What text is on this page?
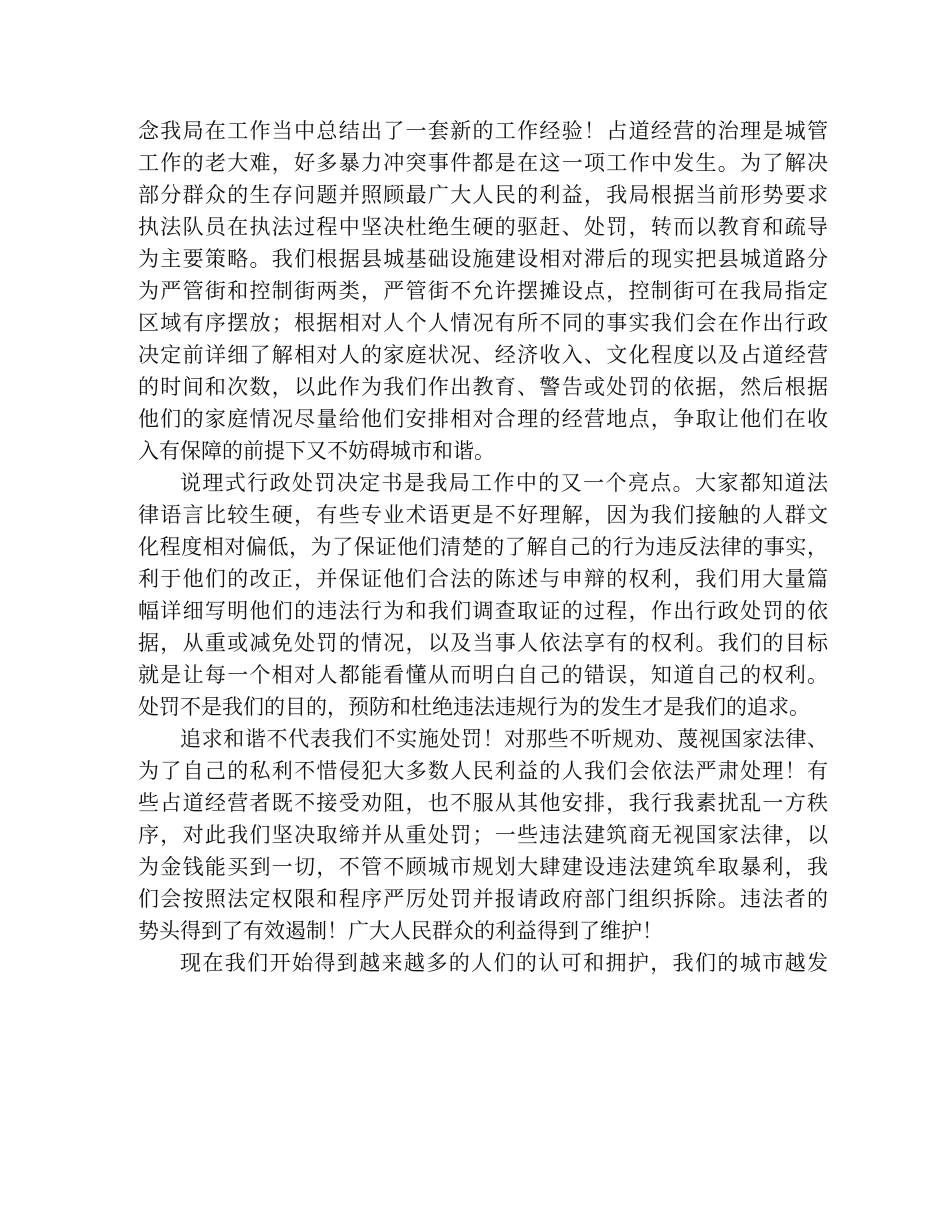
念我局在工作当中总结出了一套新的工作经验！占道经营的治理是城管
工作的老大难，好多暴力冲突事件都是在这一项工作中发生。为了解决
部分群众的生存问题并照顾最广大人民的利益，我局根据当前形势要求
执法队员在执法过程中坚决杜绝生硬的驱赶、处罚，转而以教育和疏导
为主要策略。我们根据县城基础设施建设相对滞后的现实把县城道路分
为严管街和控制街两类，严管街不允许摆摊设点，控制街可在我局指定
区域有序摆放；根据相对人个人情况有所不同的事实我们会在作出行政
决定前详细了解相对人的家庭状况、经济收入、文化程度以及占道经营
的时间和次数，以此作为我们作出教育、警告或处罚的依据，然后根据
他们的家庭情况尽量给他们安排相对合理的经营地点，争取让他们在收
入有保障的前提下又不妨碍城市和谐。
说理式行政处罚决定书是我局工作中的又一个亮点。大家都知道法
律语言比较生硬，有些专业术语更是不好理解，因为我们接触的人群文
化程度相对偏低，为了保证他们清楚的了解自己的行为违反法律的事实，
利于他们的改正，并保证他们合法的陈述与申辩的权利，我们用大量篇
幅详细写明他们的违法行为和我们调查取证的过程，作出行政处罚的依
据，从重或减免处罚的情况，以及当事人依法享有的权利。我们的目标
就是让每一个相对人都能看懂从而明白自己的错误，知道自己的权利。
处罚不是我们的目的，预防和杜绝违法违规行为的发生才是我们的追求。
追求和谐不代表我们不实施处罚！对那些不听规劝、蔑视国家法律、
为了自己的私利不惜侵犯大多数人民利益的人我们会依法严肃处理！有
些占道经营者既不接受劝阻，也不服从其他安排，我行我素扰乱一方秩
序，对此我们坚决取缔并从重处罚；一些违法建筑商无视国家法律，以
为金钱能买到一切，不管不顾城市规划大肆建设违法建筑牟取暴利，我
们会按照法定权限和程序严厉处罚并报请政府部门组织拆除。违法者的
势头得到了有效遏制！广大人民群众的利益得到了维护！
现在我们开始得到越来越多的人们的认可和拥护，我们的城市越发
